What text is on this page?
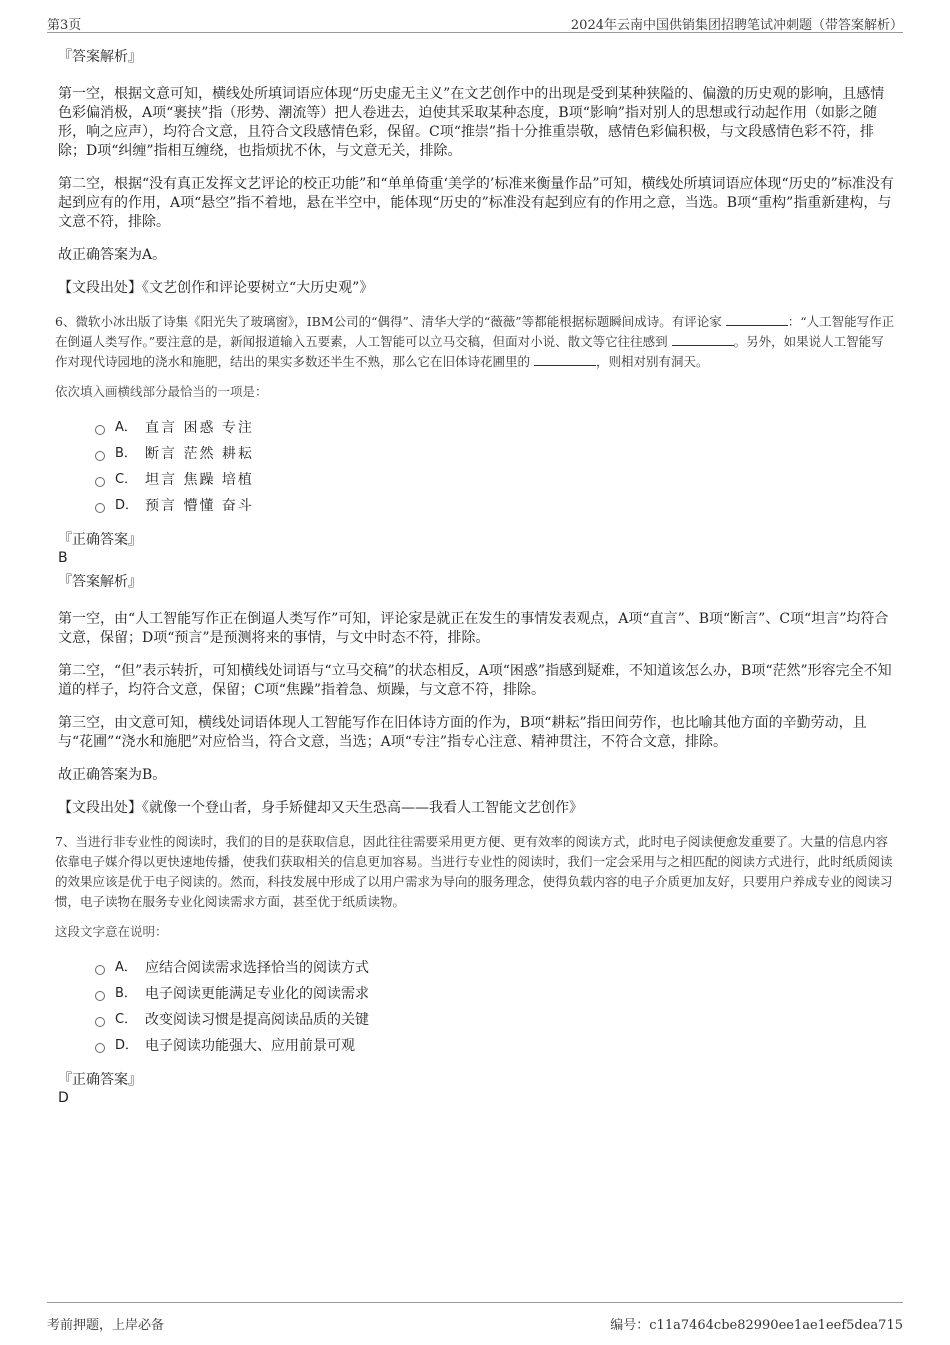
第3页	2024年云南中国供销集团招聘笔试冲刺题（带答案解析）
『答案解析』
第一空，根据文意可知，横线处所填词语应体现“历史虚无主义”在文艺创作中的出现是受到某种狭隘的、偏激的历史观的影响，且感情色彩偏消极，A项“裹挟”指（形势、潮流等）把人卷进去，迫使其采取某种态度，B项“影响”指对别人的思想或行动起作用（如影之随形，响之应声），均符合文意，且符合文段感情色彩，保留。C项“推崇”指十分推重崇敬，感情色彩偏积极，与文段感情色彩不符，排除；D项“纠缠”指相互缠绕，也指烦扰不休，与文意无关，排除。
第二空，根据“没有真正发挥文艺评论的校正功能”和“单单倚重‘美学的’标准来衡量作品”可知，横线处所填词语应体现“历史的”标准没有起到应有的作用，A项“悬空”指不着地，悬在半空中，能体现“历史的”标准没有起到应有的作用之意，当选。B项“重构”指重新建构，与文意不符，排除。
故正确答案为A。
【文段出处】《文艺创作和评论要树立“大历史观”》
6、微软小冰出版了诗集《阳光失了玻璃窗》，IBM公司的“偶得”、清华大学的“薇薇”等都能根据标题瞬间成诗。有评论家	：“人工智能写作正在倒逼人类写作。”要注意的是，新闻报道输入五要素，人工智能可以立马交稿，但面对小说、散文等它往往感到	。另外，如果说人工智能写作对现代诗园地的浇水和施肥，结出的果实多数还半生不熟，那么它在旧体诗花圃里的	，则相对别有洞天。
依次填入画横线部分最恰当的一项是：
A． 直言 困惑 专注
B． 断言 茫然 耕耘
C． 坦言 焦躁 培植
D． 预言 懵懂 奋斗
『正确答案』
B
『答案解析』
第一空，由“人工智能写作正在倒逼人类写作”可知，评论家是就正在发生的事情发表观点，A项“直言”、B项“断言”、C项“坦言”均符合文意，保留；D项“预言”是预测将来的事情，与文中时态不符，排除。
第二空，“但”表示转折，可知横线处词语与“立马交稿”的状态相反，A项“困惑”指感到疑难，不知道该怎么办，B项“茫然”形容完全不知道的样子，均符合文意，保留；C项“焦躁”指着急、烦躁，与文意不符，排除。
第三空，由文意可知，横线处词语体现人工智能写作在旧体诗方面的作为，B项“耕耘”指田间劳作，也比喻其他方面的辛勤劳动，且与“花圃”“浇水和施肥”对应恰当，符合文意，当选；A项“专注”指专心注意、精神贯注，不符合文意，排除。
故正确答案为B。
【文段出处】《就像一个登山者，身手矫健却又天生恐高——我看人工智能文艺创作》
7、当进行非专业性的阅读时，我们的目的是获取信息，因此往往需要采用更方便、更有效率的阅读方式，此时电子阅读便愈发重要了。大量的信息内容依靠电子媒介得以更快速地传播，使我们获取相关的信息更加容易。当进行专业性的阅读时，我们一定会采用与之相匹配的阅读方式进行，此时纸质阅读的效果应该是优于电子阅读的。然而，科技发展中形成了以用户需求为导向的服务理念，使得负载内容的电子介质更加友好，只要用户养成专业的阅读习惯，电子读物在服务专业化阅读需求方面，甚至优于纸质读物。
这段文字意在说明：
A． 应结合阅读需求选择恰当的阅读方式
B． 电子阅读更能满足专业化的阅读需求
C． 改变阅读习惯是提高阅读品质的关键
D． 电子阅读功能强大、应用前景可观
『正确答案』
D
考前押题，上岸必备	编号：c11a7464cbe82990ee1ae1eef5dea715
